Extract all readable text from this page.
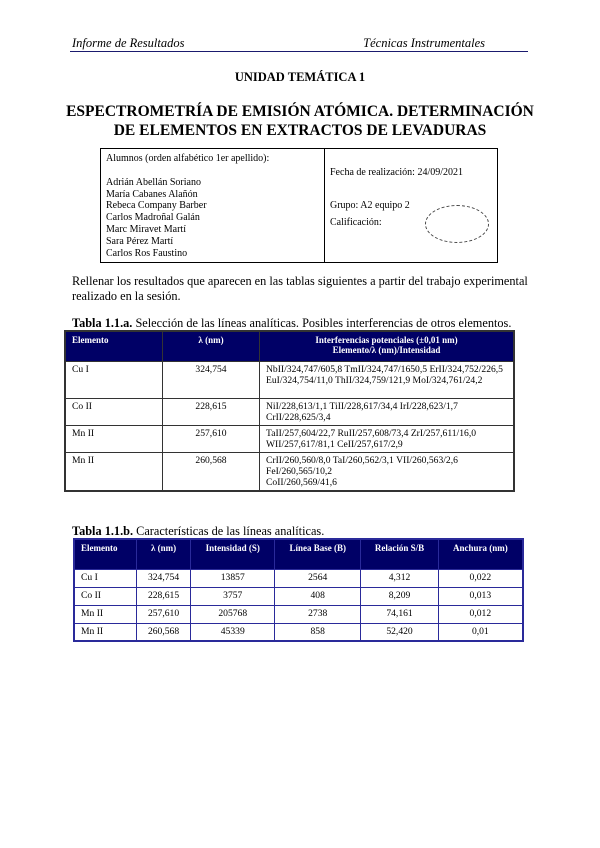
Informe de Resultados	Técnicas Instrumentales
UNIDAD TEMÁTICA 1
ESPECTROMETRÍA DE EMISIÓN ATÓMICA. DETERMINACIÓN DE ELEMENTOS EN EXTRACTOS DE LEVADURAS
Alumnos (orden alfabético 1er apellido):
Adrián Abellán Soriano
María Cabanes Alañón
Rebeca Company Barber
Carlos Madroñal Galán
Marc Miravet Martí
Sara Pérez Martí
Carlos Ros Faustino
Fecha de realización: 24/09/2021
Grupo: A2 equipo 2
Calificación:
Rellenar los resultados que aparecen en las tablas siguientes a partir del trabajo experimental realizado en la sesión.
Tabla 1.1.a. Selección de las líneas analíticas. Posibles interferencias de otros elementos.
Elemento	λ (nm)	Interferencias potenciales (±0,01 nm)
Elemento/λ (nm)/Intensidad

Cu I	324,754	NbII/324,747/605,8 TmII/324,747/1650,5 ErII/324,752/226,5
EuI/324,754/11,0 ThII/324,759/121,9 MoI/324,761/24,2

Co II	228,615	NiI/228,613/1,1 TiII/228,617/34,4 IrI/228,623/1,7 CrII/228,625/3,4

Mn II	257,610	TaII/257,604/22,7 RuII/257,608/73,4 ZrI/257,611/16,0
WII/257,617/81,1 CeII/257,617/2,9

Mn II	260,568	CrII/260,560/8,0 TaI/260,562/3,1 VII/260,563/2,6 FeI/260,565/10,2
CoII/260,569/41,6
Tabla 1.1.b. Características de las líneas analíticas.
Elemento	λ (nm)	Intensidad (S)	Línea Base (B)	Relación S/B	Anchura (nm)
Cu I	324,754	13857	2564	4,312	0,022
Co II	228,615	3757	408	8,209	0,013
Mn II	257,610	205768	2738	74,161	0,012
Mn II	260,568	45339	858	52,420	0,01
